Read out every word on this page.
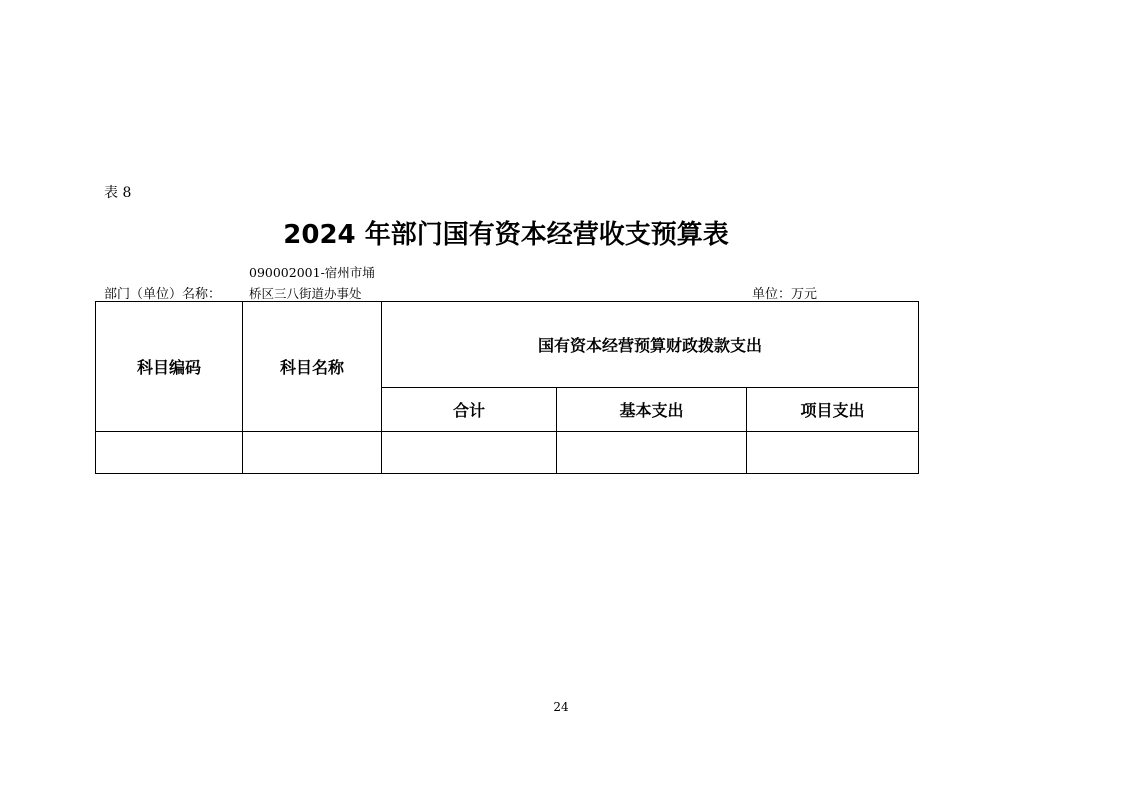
表 8
2024 年部门国有资本经营收支预算表
部门（单位）名称：
090002001-宿州市埇
桥区三八街道办事处	单位：万元
科目编码	科目名称	国有资本经营预算财政拨款支出		
		合计	基本支出	项目支出

24
